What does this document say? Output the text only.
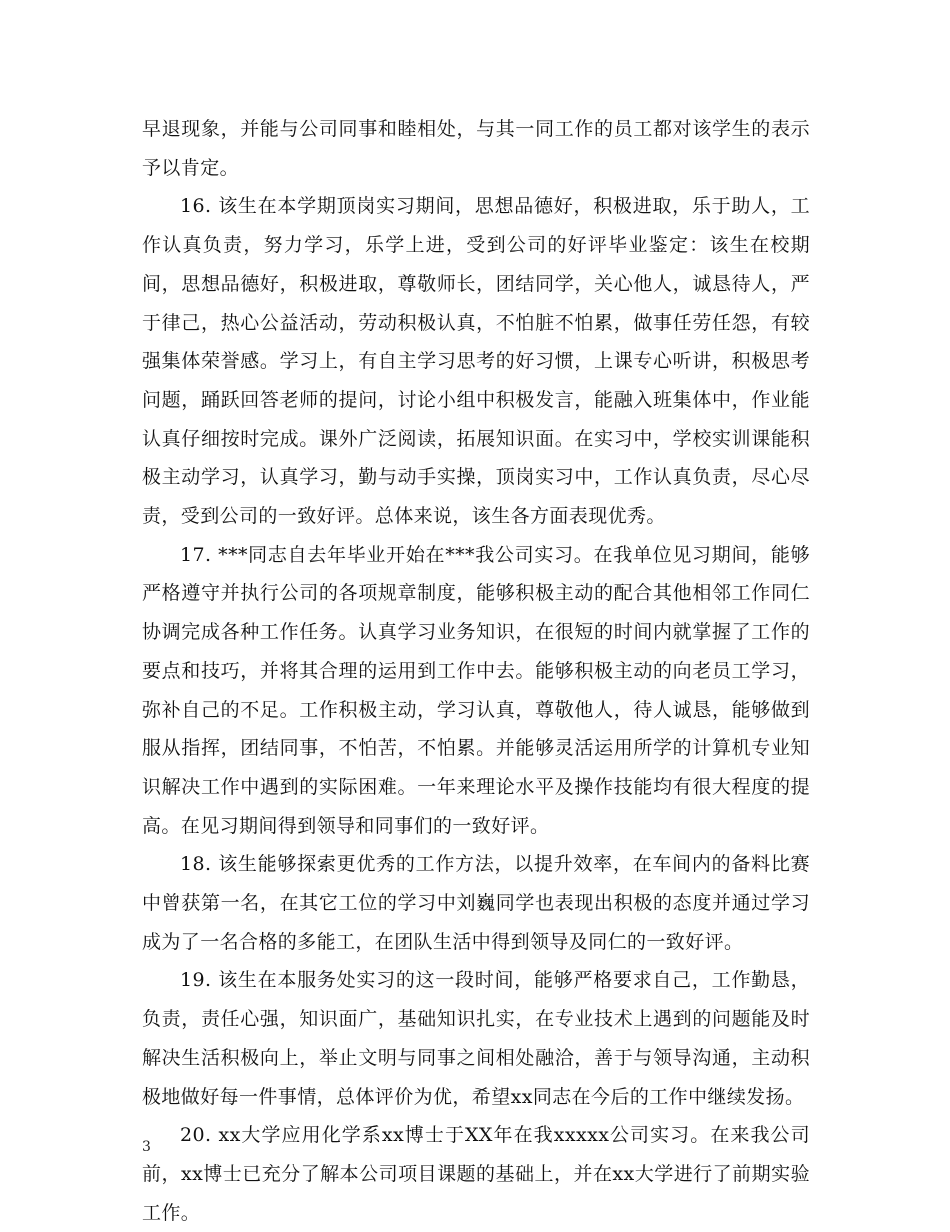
早退现象，并能与公司同事和睦相处，与其一同工作的员工都对该学生的表示予以肯定。

16. 该生在本学期顶岗实习期间，思想品德好，积极进取，乐于助人，工作认真负责，努力学习，乐学上进，受到公司的好评毕业鉴定：该生在校期间，思想品德好，积极进取，尊敬师长，团结同学，关心他人，诚恳待人，严于律己，热心公益活动，劳动积极认真，不怕脏不怕累，做事任劳任怨，有较强集体荣誉感。学习上，有自主学习思考的好习惯，上课专心听讲，积极思考问题，踊跃回答老师的提问，讨论小组中积极发言，能融入班集体中，作业能认真仔细按时完成。课外广泛阅读，拓展知识面。在实习中，学校实训课能积极主动学习，认真学习，勤与动手实操，顶岗实习中，工作认真负责，尽心尽责，受到公司的一致好评。总体来说，该生各方面表现优秀。

17. ***同志自去年毕业开始在***我公司实习。在我单位见习期间，能够严格遵守并执行公司的各项规章制度，能够积极主动的配合其他相邻工作同仁协调完成各种工作任务。认真学习业务知识，在很短的时间内就掌握了工作的要点和技巧，并将其合理的运用到工作中去。能够积极主动的向老员工学习，弥补自己的不足。工作积极主动，学习认真，尊敬他人，待人诚恳，能够做到服从指挥，团结同事，不怕苦，不怕累。并能够灵活运用所学的计算机专业知识解决工作中遇到的实际困难。一年来理论水平及操作技能均有很大程度的提高。在见习期间得到领导和同事们的一致好评。

18. 该生能够探索更优秀的工作方法，以提升效率，在车间内的备料比赛中曾获第一名，在其它工位的学习中刘巍同学也表现出积极的态度并通过学习成为了一名合格的多能工，在团队生活中得到领导及同仁的一致好评。

19. 该生在本服务处实习的这一段时间，能够严格要求自己，工作勤恳，负责，责任心强，知识面广，基础知识扎实，在专业技术上遇到的问题能及时解决生活积极向上，举止文明与同事之间相处融洽，善于与领导沟通，主动积极地做好每一件事情，总体评价为优，希望xx同志在今后的工作中继续发扬。

20. xx大学应用化学系xx博士于XX年在我xxxxx公司实习。在来我公司前，xx博士已充分了解本公司项目课题的基础上，并在xx大学进行了前期实验工作。

3
